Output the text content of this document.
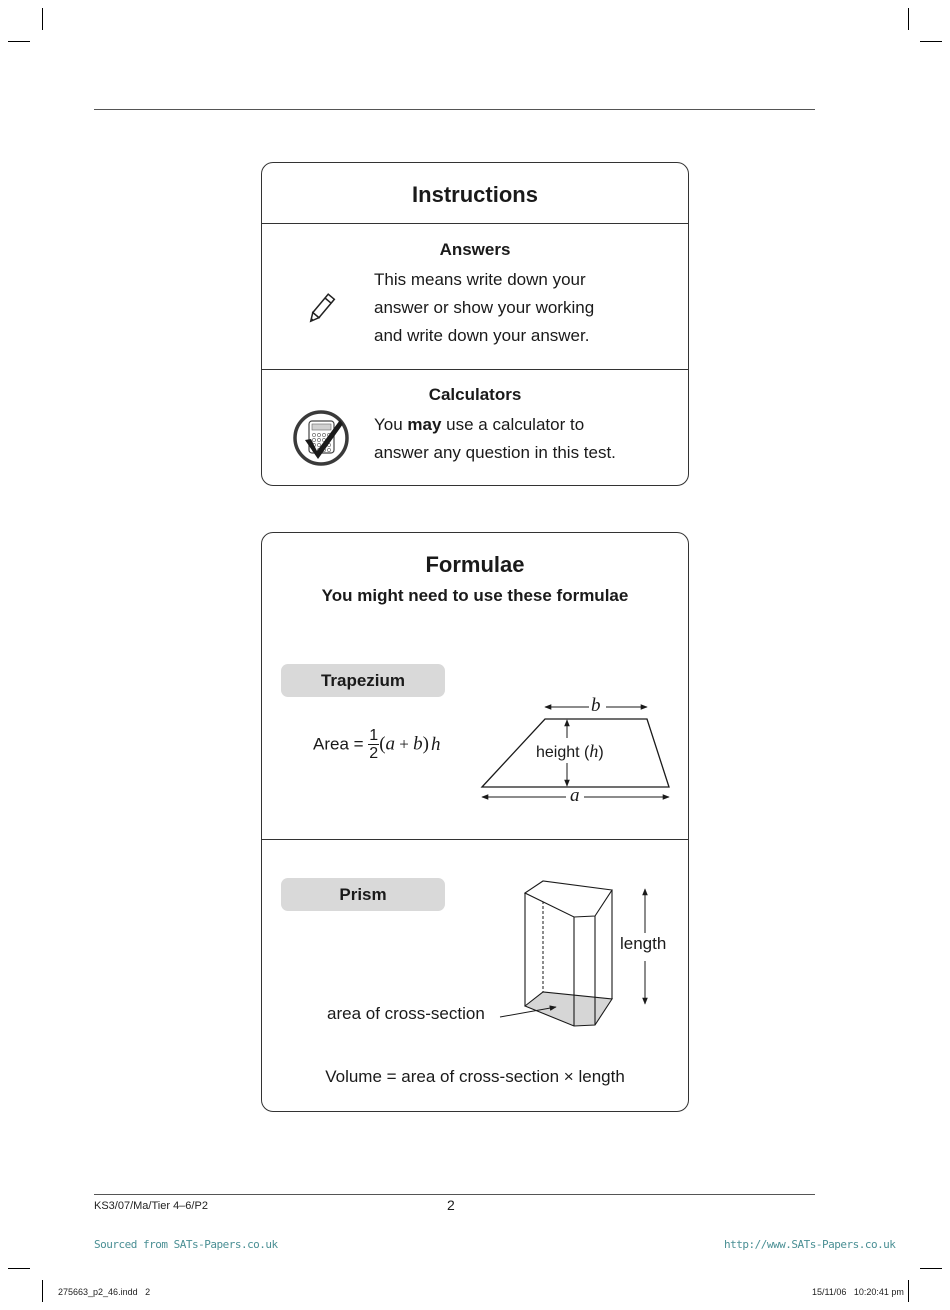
Instructions
Answers

This means write down your

answer or show your working

and write down your answer.

Calculators

You may use a calculator to

answer any question in this test.

Formulae
You might need to use these formulae
Trapezium
Area = $\frac{1}{2} (a + b)$ h
b
a
height (h)
Prism
length
area of cross-section
Volume = area of cross-section × length
KS3/07/Ma/Tier 4–6/P2	2
Sourced from SATs-Papers.co.uk	http://www.SATs-Papers.co.uk
275663_p2_46.indd   2	15/11/06   10:20:41 pm
